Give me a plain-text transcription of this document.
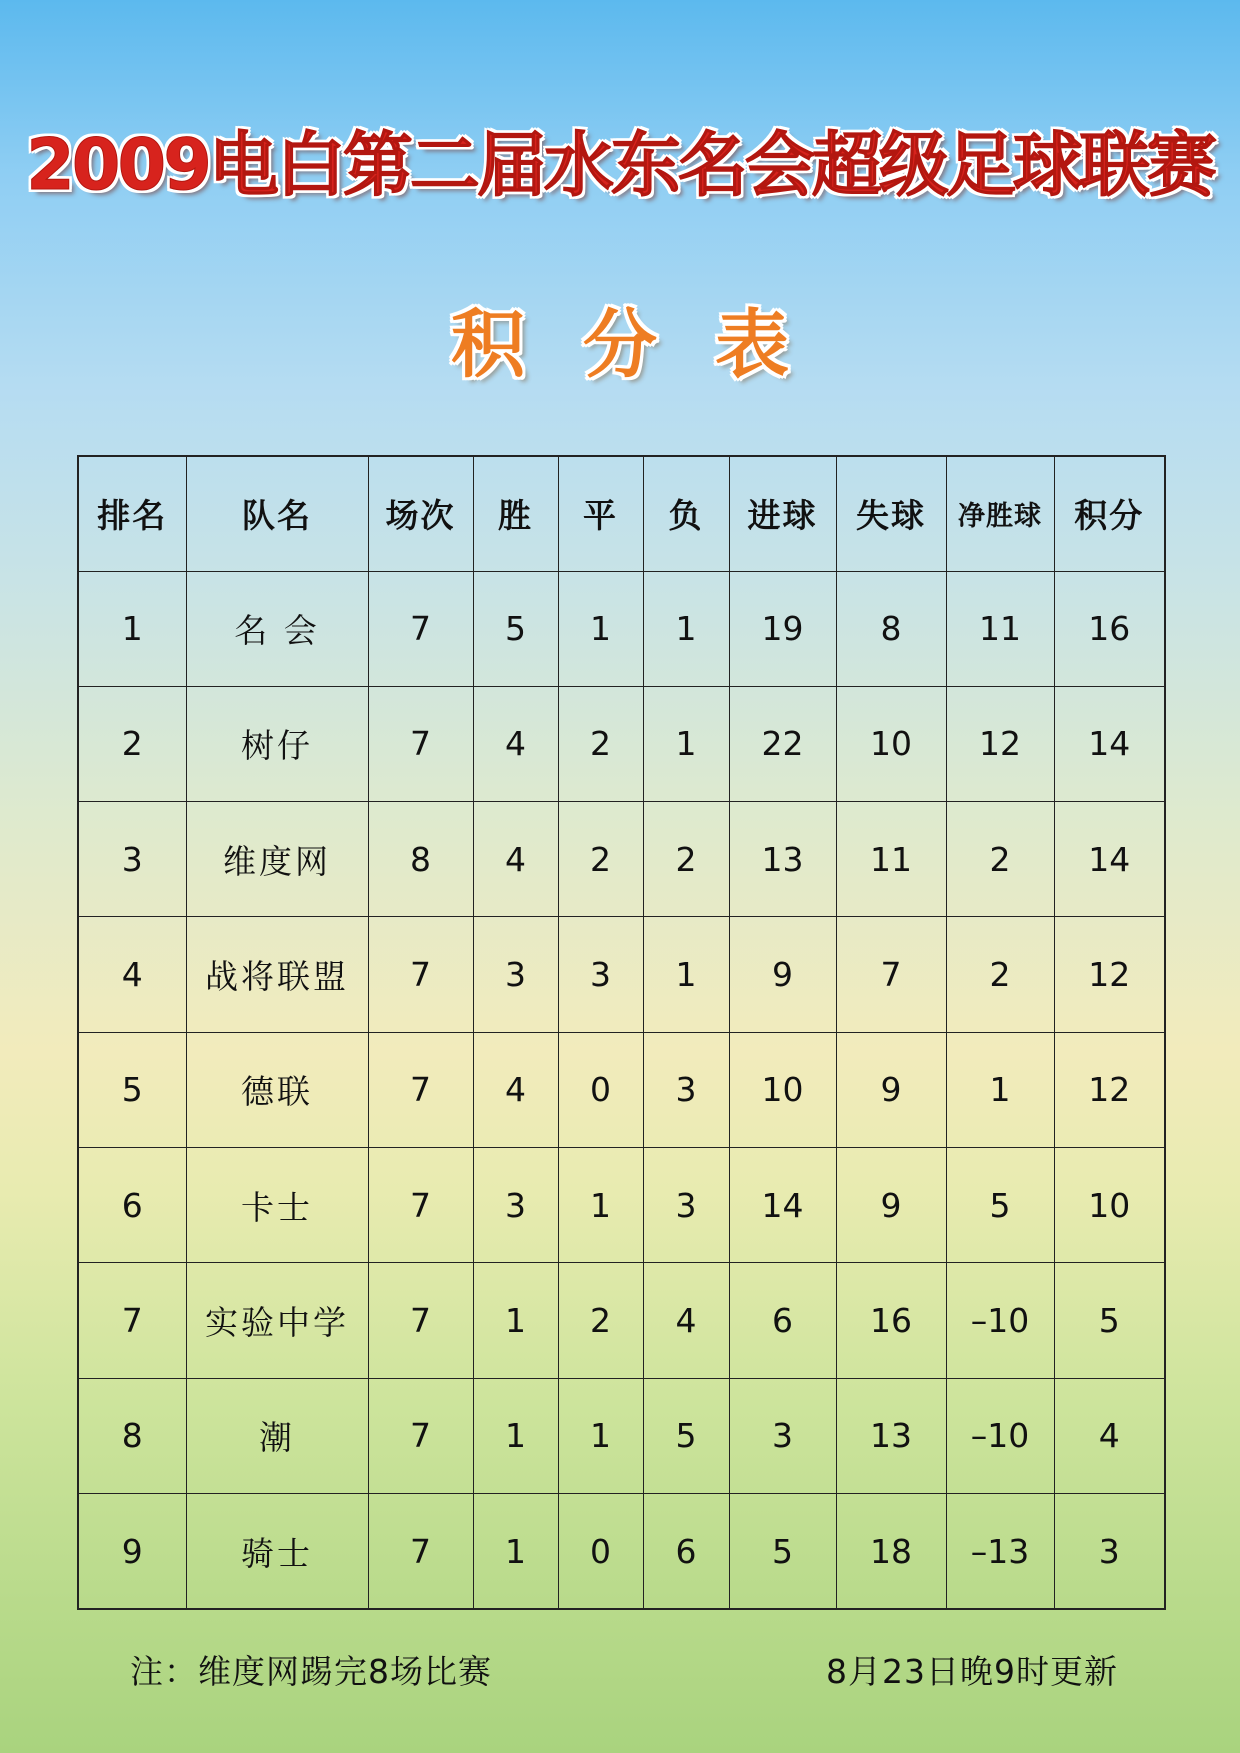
2009电白第二届水东名会超级足球联赛
积分表
排名	队名	场次	胜	平	负	进球	失球	净胜球	积分
1	名 会	7	5	1	1	19	8	11	16
2	树仔	7	4	2	1	22	10	12	14
3	维度网	8	4	2	2	13	11	2	14
4	战将联盟	7	3	3	1	9	7	2	12
5	德联	7	4	0	3	10	9	1	12
6	卡士	7	3	1	3	14	9	5	10
7	实验中学	7	1	2	4	6	16	–10	5
8	潮	7	1	1	5	3	13	–10	4
9	骑士	7	1	0	6	5	18	–13	3
注：维度网踢完8场比赛	8月23日晚9时更新
